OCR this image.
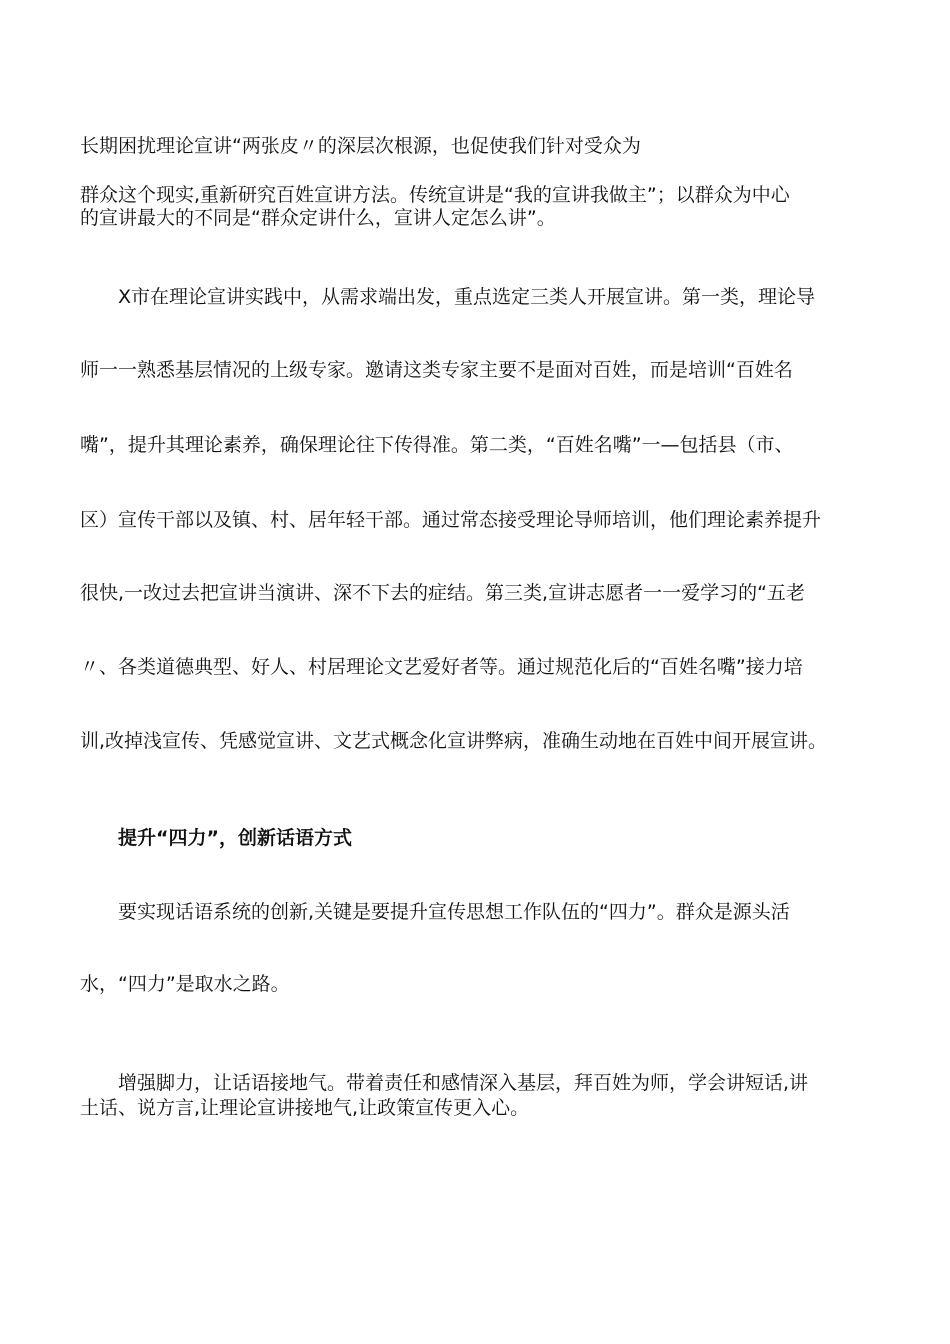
长期困扰理论宣讲“两张皮〃的深层次根源，也促使我们针对受众为
群众这个现实,重新研究百姓宣讲方法。传统宣讲是“我的宣讲我做主”；以群众为中心
的宣讲最大的不同是“群众定讲什么，宣讲人定怎么讲”。
　　X市在理论宣讲实践中，从需求端出发，重点选定三类人开展宣讲。第一类，理论导
师一一熟悉基层情况的上级专家。邀请这类专家主要不是面对百姓，而是培训“百姓名
嘴”，提升其理论素养，确保理论往下传得准。第二类，“百姓名嘴”一—包括县（市、
区）宣传干部以及镇、村、居年轻干部。通过常态接受理论导师培训，他们理论素养提升
很快,一改过去把宣讲当演讲、深不下去的症结。第三类,宣讲志愿者一一爱学习的“五老
〃、各类道德典型、好人、村居理论文艺爱好者等。通过规范化后的“百姓名嘴”接力培
训,改掉浅宣传、凭感觉宣讲、文艺式概念化宣讲弊病，准确生动地在百姓中间开展宣讲。
　　提升“四力”，创新话语方式
　　要实现话语系统的创新,关键是要提升宣传思想工作队伍的“四力”。群众是源头活
水，“四力”是取水之路。
　　增强脚力，让话语接地气。带着责任和感情深入基层，拜百姓为师，学会讲短话,讲
土话、说方言,让理论宣讲接地气,让政策宣传更入心。
